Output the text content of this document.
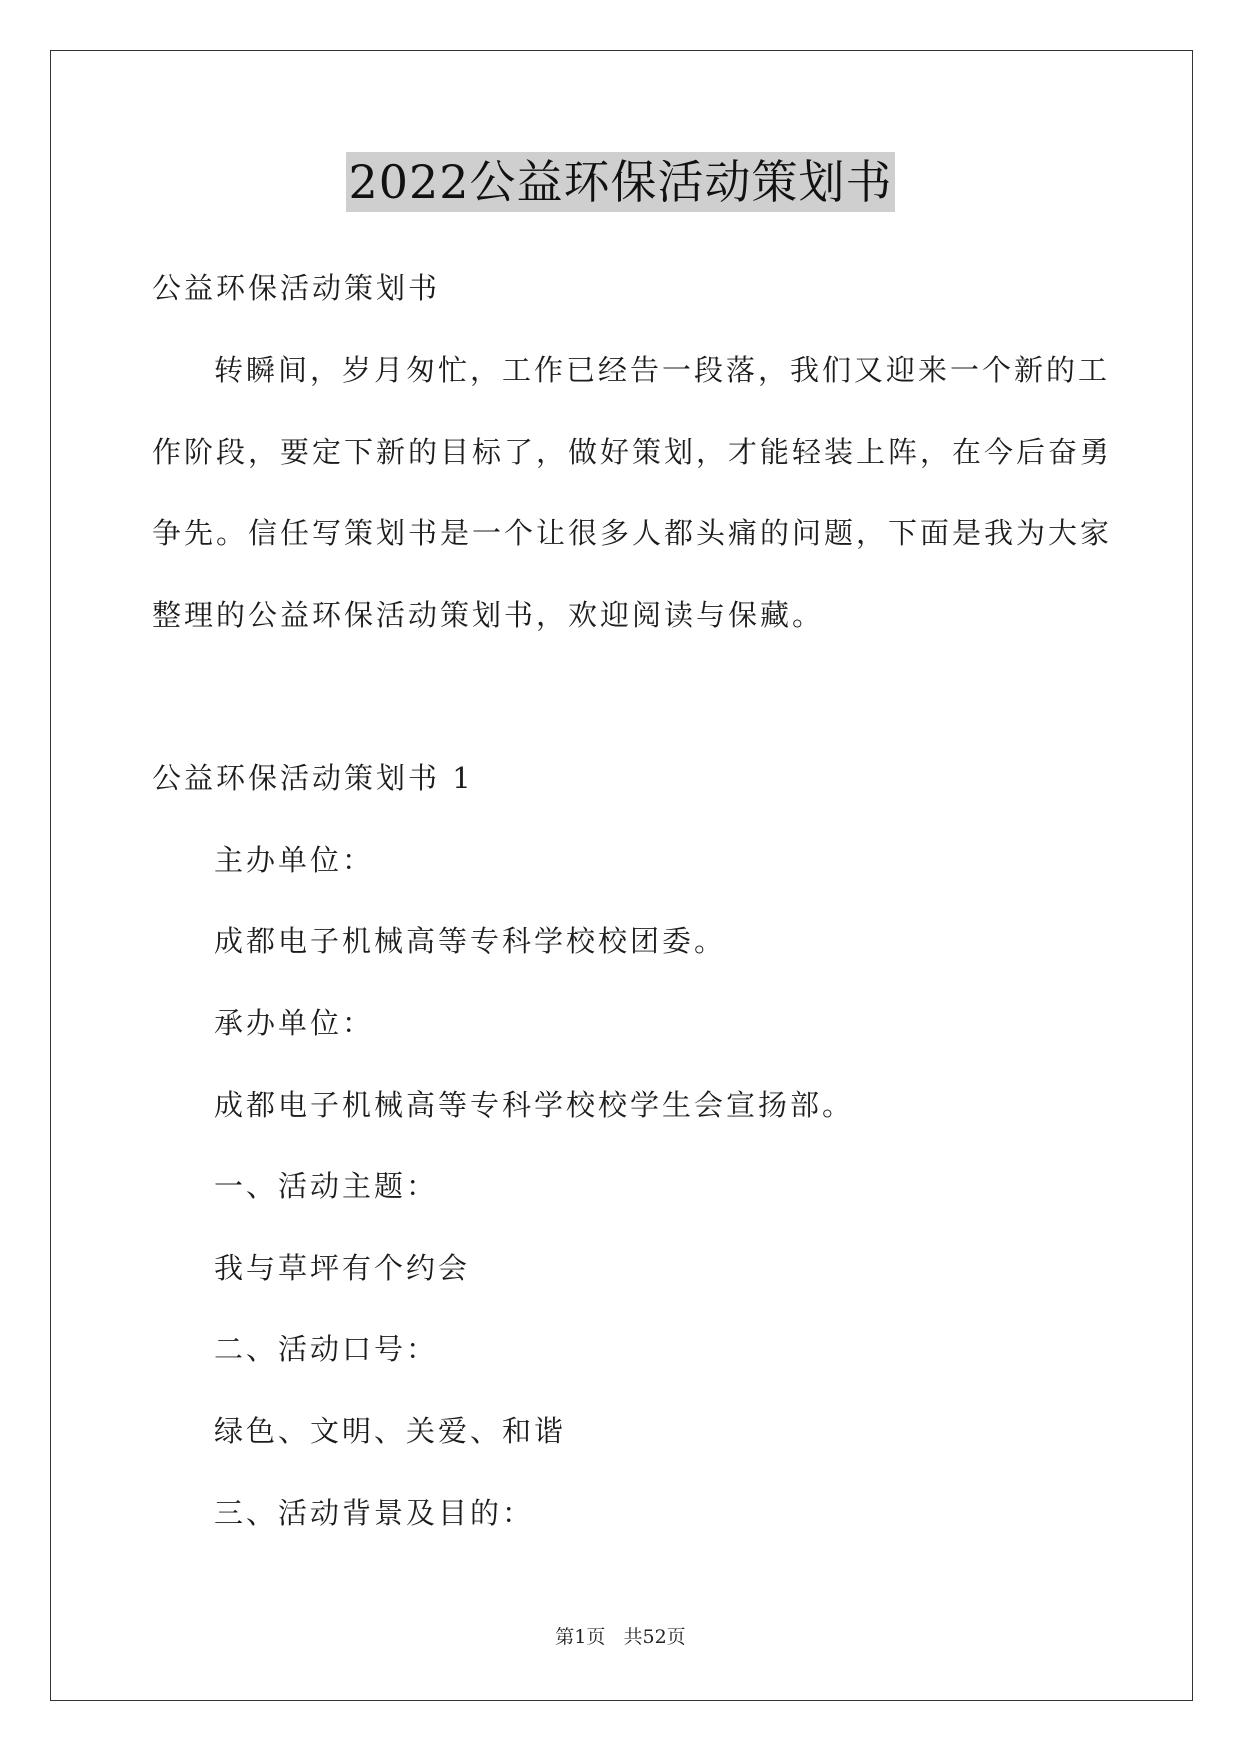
2022公益环保活动策划书
公益环保活动策划书
转瞬间，岁月匆忙，工作已经告一段落，我们又迎来一个新的工
作阶段，要定下新的目标了，做好策划，才能轻装上阵，在今后奋勇
争先。信任写策划书是一个让很多人都头痛的问题，下面是我为大家
整理的公益环保活动策划书，欢迎阅读与保藏。
公益环保活动策划书 1
主办单位：
成都电子机械高等专科学校校团委。
承办单位：
成都电子机械高等专科学校校学生会宣扬部。
一、活动主题：
我与草坪有个约会
二、活动口号：
绿色、文明、关爱、和谐
三、活动背景及目的：
第1页   共52页
